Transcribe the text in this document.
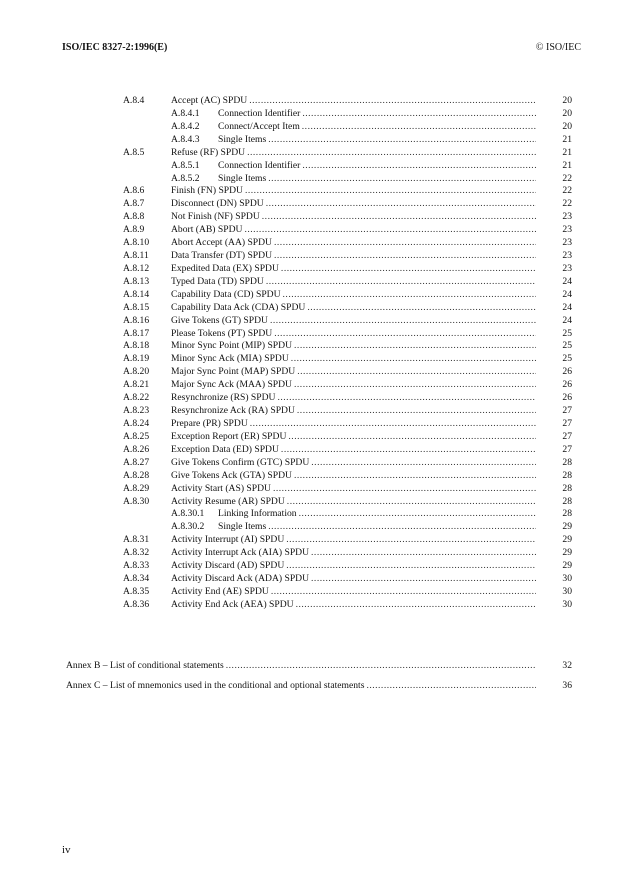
ISO/IEC 8327-2:1996(E)	© ISO/IEC
A.8.4	Accept (AC) SPDU .....	20
A.8.4.1 Connection Identifier .....	20
A.8.4.2 Connect/Accept Item .....	20
A.8.4.3 Single Items .....	21
A.8.5	Refuse (RF) SPDU .....	21
A.8.5.1 Connection Identifier .....	21
A.8.5.2 Single Items .....	22
A.8.6	Finish (FN) SPDU .....	22
A.8.7	Disconnect (DN) SPDU .....	22
A.8.8	Not Finish (NF) SPDU .....	23
A.8.9	Abort (AB) SPDU .....	23
A.8.10 Abort Accept (AA) SPDU .....	23
A.8.11 Data Transfer (DT) SPDU .....	23
A.8.12 Expedited Data (EX) SPDU .....	23
A.8.13 Typed Data (TD) SPDU .....	24
A.8.14 Capability Data (CD) SPDU .....	24
A.8.15 Capability Data Ack (CDA) SPDU .....	24
A.8.16 Give Tokens (GT) SPDU .....	24
A.8.17 Please Tokens (PT) SPDU .....	25
A.8.18 Minor Sync Point (MIP) SPDU .....	25
A.8.19 Minor Sync Ack (MIA) SPDU .....	25
A.8.20 Major Sync Point (MAP) SPDU .....	26
A.8.21 Major Sync Ack (MAA) SPDU .....	26
A.8.22 Resynchronize (RS) SPDU .....	26
A.8.23 Resynchronize Ack (RA) SPDU .....	27
A.8.24 Prepare (PR) SPDU .....	27
A.8.25 Exception Report (ER) SPDU .....	27
A.8.26 Exception Data (ED) SPDU .....	27
A.8.27 Give Tokens Confirm (GTC) SPDU .....	28
A.8.28 Give Tokens Ack (GTA) SPDU .....	28
A.8.29 Activity Start (AS) SPDU .....	28
A.8.30 Activity Resume (AR) SPDU .....	28
A.8.30.1 Linking Information .....	28
A.8.30.2 Single Items .....	29
A.8.31 Activity Interrupt (AI) SPDU .....	29
A.8.32 Activity Interrupt Ack (AIA) SPDU .....	29
A.8.33 Activity Discard (AD) SPDU .....	29
A.8.34 Activity Discard Ack (ADA) SPDU .....	30
A.8.35 Activity End (AE) SPDU .....	30
A.8.36 Activity End Ack (AEA) SPDU .....	30
Annex B – List of conditional statements .....	32
Annex C – List of mnemonics used in the conditional and optional statements .....	36
iv
